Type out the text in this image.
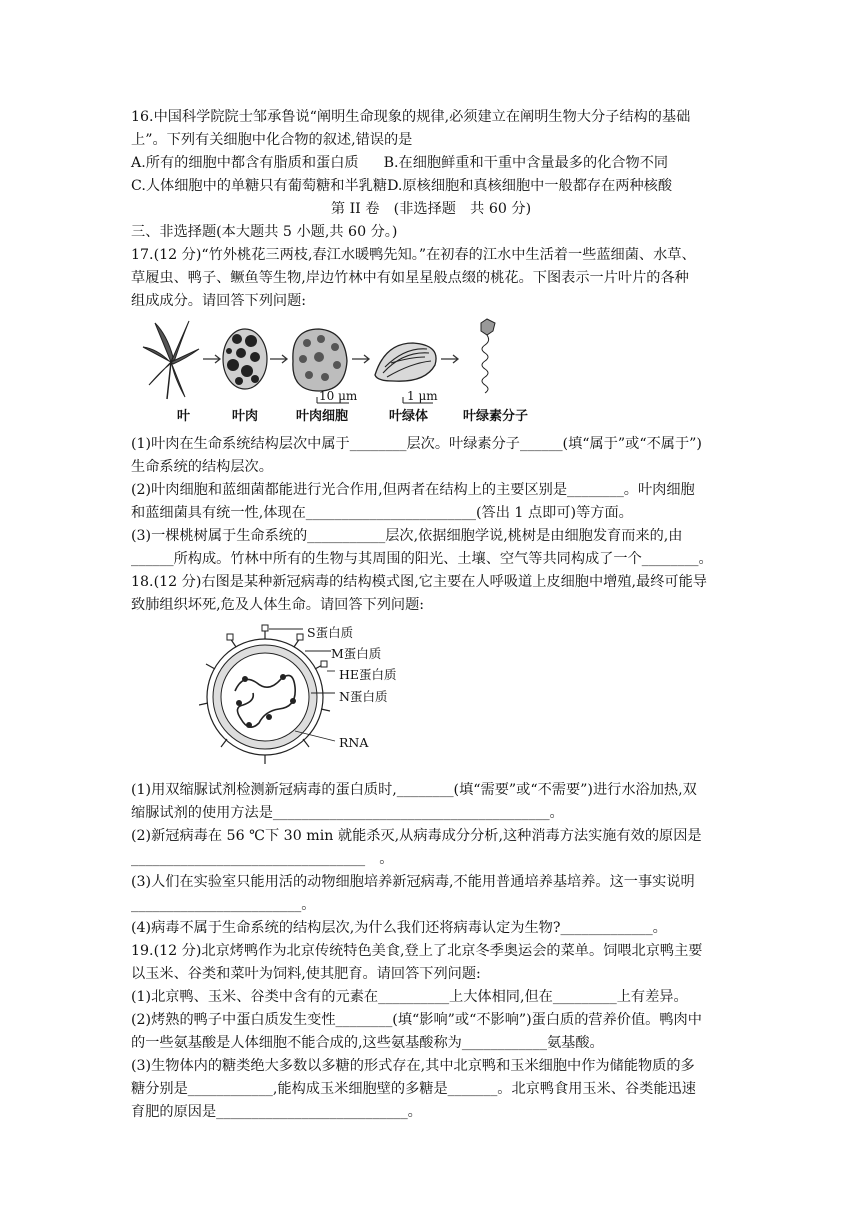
16.中国科学院院士邹承鲁说“阐明生命现象的规律,必须建立在阐明生物大分子结构的基础

上”。下列有关细胞中化合物的叙述,错误的是

A.所有的细胞中都含有脂质和蛋白质 B.在细胞鲜重和干重中含量最多的化合物不同

C.人体细胞中的单糖只有葡萄糖和半乳糖D.原核细胞和真核细胞中一般都存在两种核酸

第 II 卷　(非选择题　共 60 分)

三、非选择题(本大题共 5 小题,共 60 分。)

17.(12 分)“竹外桃花三两枝,春江水暖鸭先知。”在初春的江水中生活着一些蓝细菌、水草、

草履虫、鸭子、鳜鱼等生物,岸边竹林中有如星星般点缀的桃花。下图表示一片叶片的各种

组成成分。请回答下列问题:

叶	叶肉	叶肉细胞	叶绿体	叶绿素分子
10 μm	1 μm

(1)叶肉在生命系统结构层次中属于________层次。叶绿素分子______(填“属于”或“不属于”)

生命系统的结构层次。

(2)叶肉细胞和蓝细菌都能进行光合作用,但两者在结构上的主要区别是________。叶肉细胞

和蓝细菌具有统一性,体现在________________________(答出 1 点即可)等方面。

(3)一棵桃树属于生命系统的___________层次,依据细胞学说,桃树是由细胞发育而来的,由

______所构成。竹林中所有的生物与其周围的阳光、土壤、空气等共同构成了一个________。

18.(12 分)右图是某种新冠病毒的结构模式图,它主要在人呼吸道上皮细胞中增殖,最终可能导

致肺组织坏死,危及人体生命。请回答下列问题:

S蛋白质
M蛋白质
HE蛋白质
N蛋白质
RNA

(1)用双缩脲试剂检测新冠病毒的蛋白质时,________(填“需要”或“不需要”)进行水浴加热,双

缩脲试剂的使用方法是_______________________________________。

(2)新冠病毒在 56 ℃下 30 min 就能杀灭,从病毒成分分析,这种消毒方法实施有效的原因是

_________________________________　。

(3)人们在实验室只能用活的动物细胞培养新冠病毒,不能用普通培养基培养。这一事实说明

________________________。

(4)病毒不属于生命系统的结构层次,为什么我们还将病毒认定为生物?_____________。

19.(12 分)北京烤鸭作为北京传统特色美食,登上了北京冬季奥运会的菜单。饲喂北京鸭主要

以玉米、谷类和菜叶为饲料,使其肥育。请回答下列问题:

(1)北京鸭、玉米、谷类中含有的元素在__________上大体相同,但在_________上有差异。

(2)烤熟的鸭子中蛋白质发生变性________(填“影响”或“不影响”)蛋白质的营养价值。鸭肉中

的一些氨基酸是人体细胞不能合成的,这些氨基酸称为____________氨基酸。

(3)生物体内的糖类绝大多数以多糖的形式存在,其中北京鸭和玉米细胞中作为储能物质的多

糖分别是____________,能构成玉米细胞壁的多糖是_______。北京鸭食用玉米、谷类能迅速

育肥的原因是___________________________。
